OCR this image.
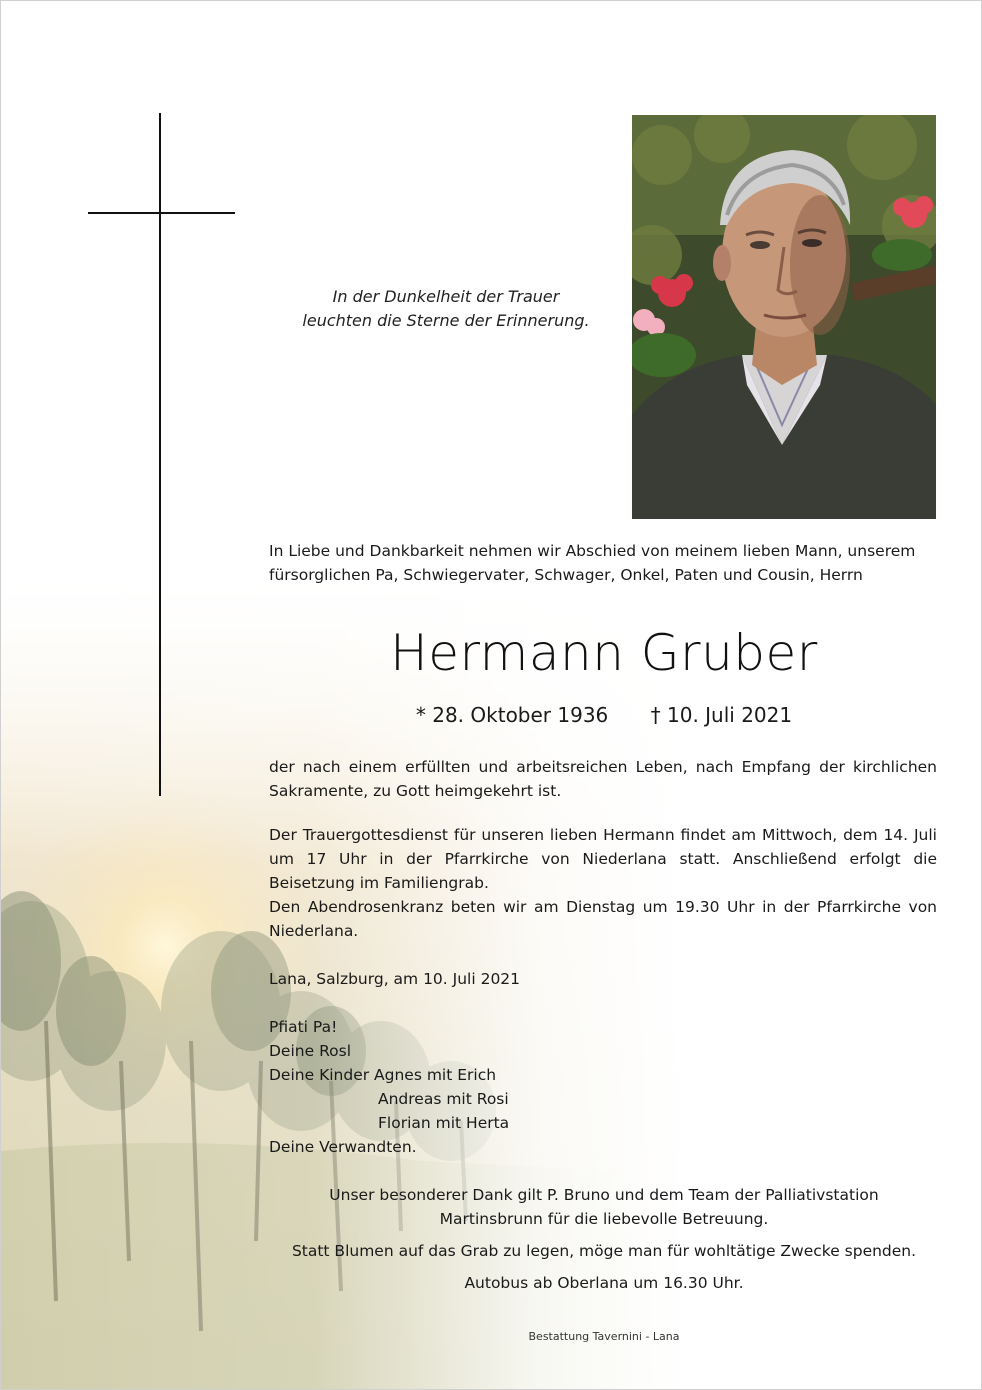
In der Dunkelheit der Trauer
leuchten die Sterne der Erinnerung.
In Liebe und Dankbarkeit nehmen wir Abschied von meinem lieben Mann, unserem
fürsorglichen Pa, Schwiegervater, Schwager, Onkel, Paten und Cousin, Herrn
Hermann Gruber
* 28. Oktober 1936 † 10. Juli 2021
der nach einem erfüllten und arbeitsreichen Leben, nach Empfang der kirchlichen Sakramente, zu Gott heimgekehrt ist.
Der Trauergottesdienst für unseren lieben Hermann findet am Mittwoch, dem 14. Juli um 17 Uhr in der Pfarrkirche von Niederlana statt. Anschließend erfolgt die Beisetzung im Familiengrab.
Den Abendrosenkranz beten wir am Dienstag um 19.30 Uhr in der Pfarrkirche von Niederlana.
Lana, Salzburg, am 10. Juli 2021
Pfiati Pa!
Deine Rosl
Deine Kinder Agnes mit Erich
Andreas mit Rosi
Florian mit Herta
Deine Verwandten.
Unser besonderer Dank gilt P. Bruno und dem Team der Palliativstation
Martinsbrunn für die liebevolle Betreuung.
Statt Blumen auf das Grab zu legen, möge man für wohltätige Zwecke spenden.
Autobus ab Oberlana um 16.30 Uhr.
Bestattung Tavernini - Lana
